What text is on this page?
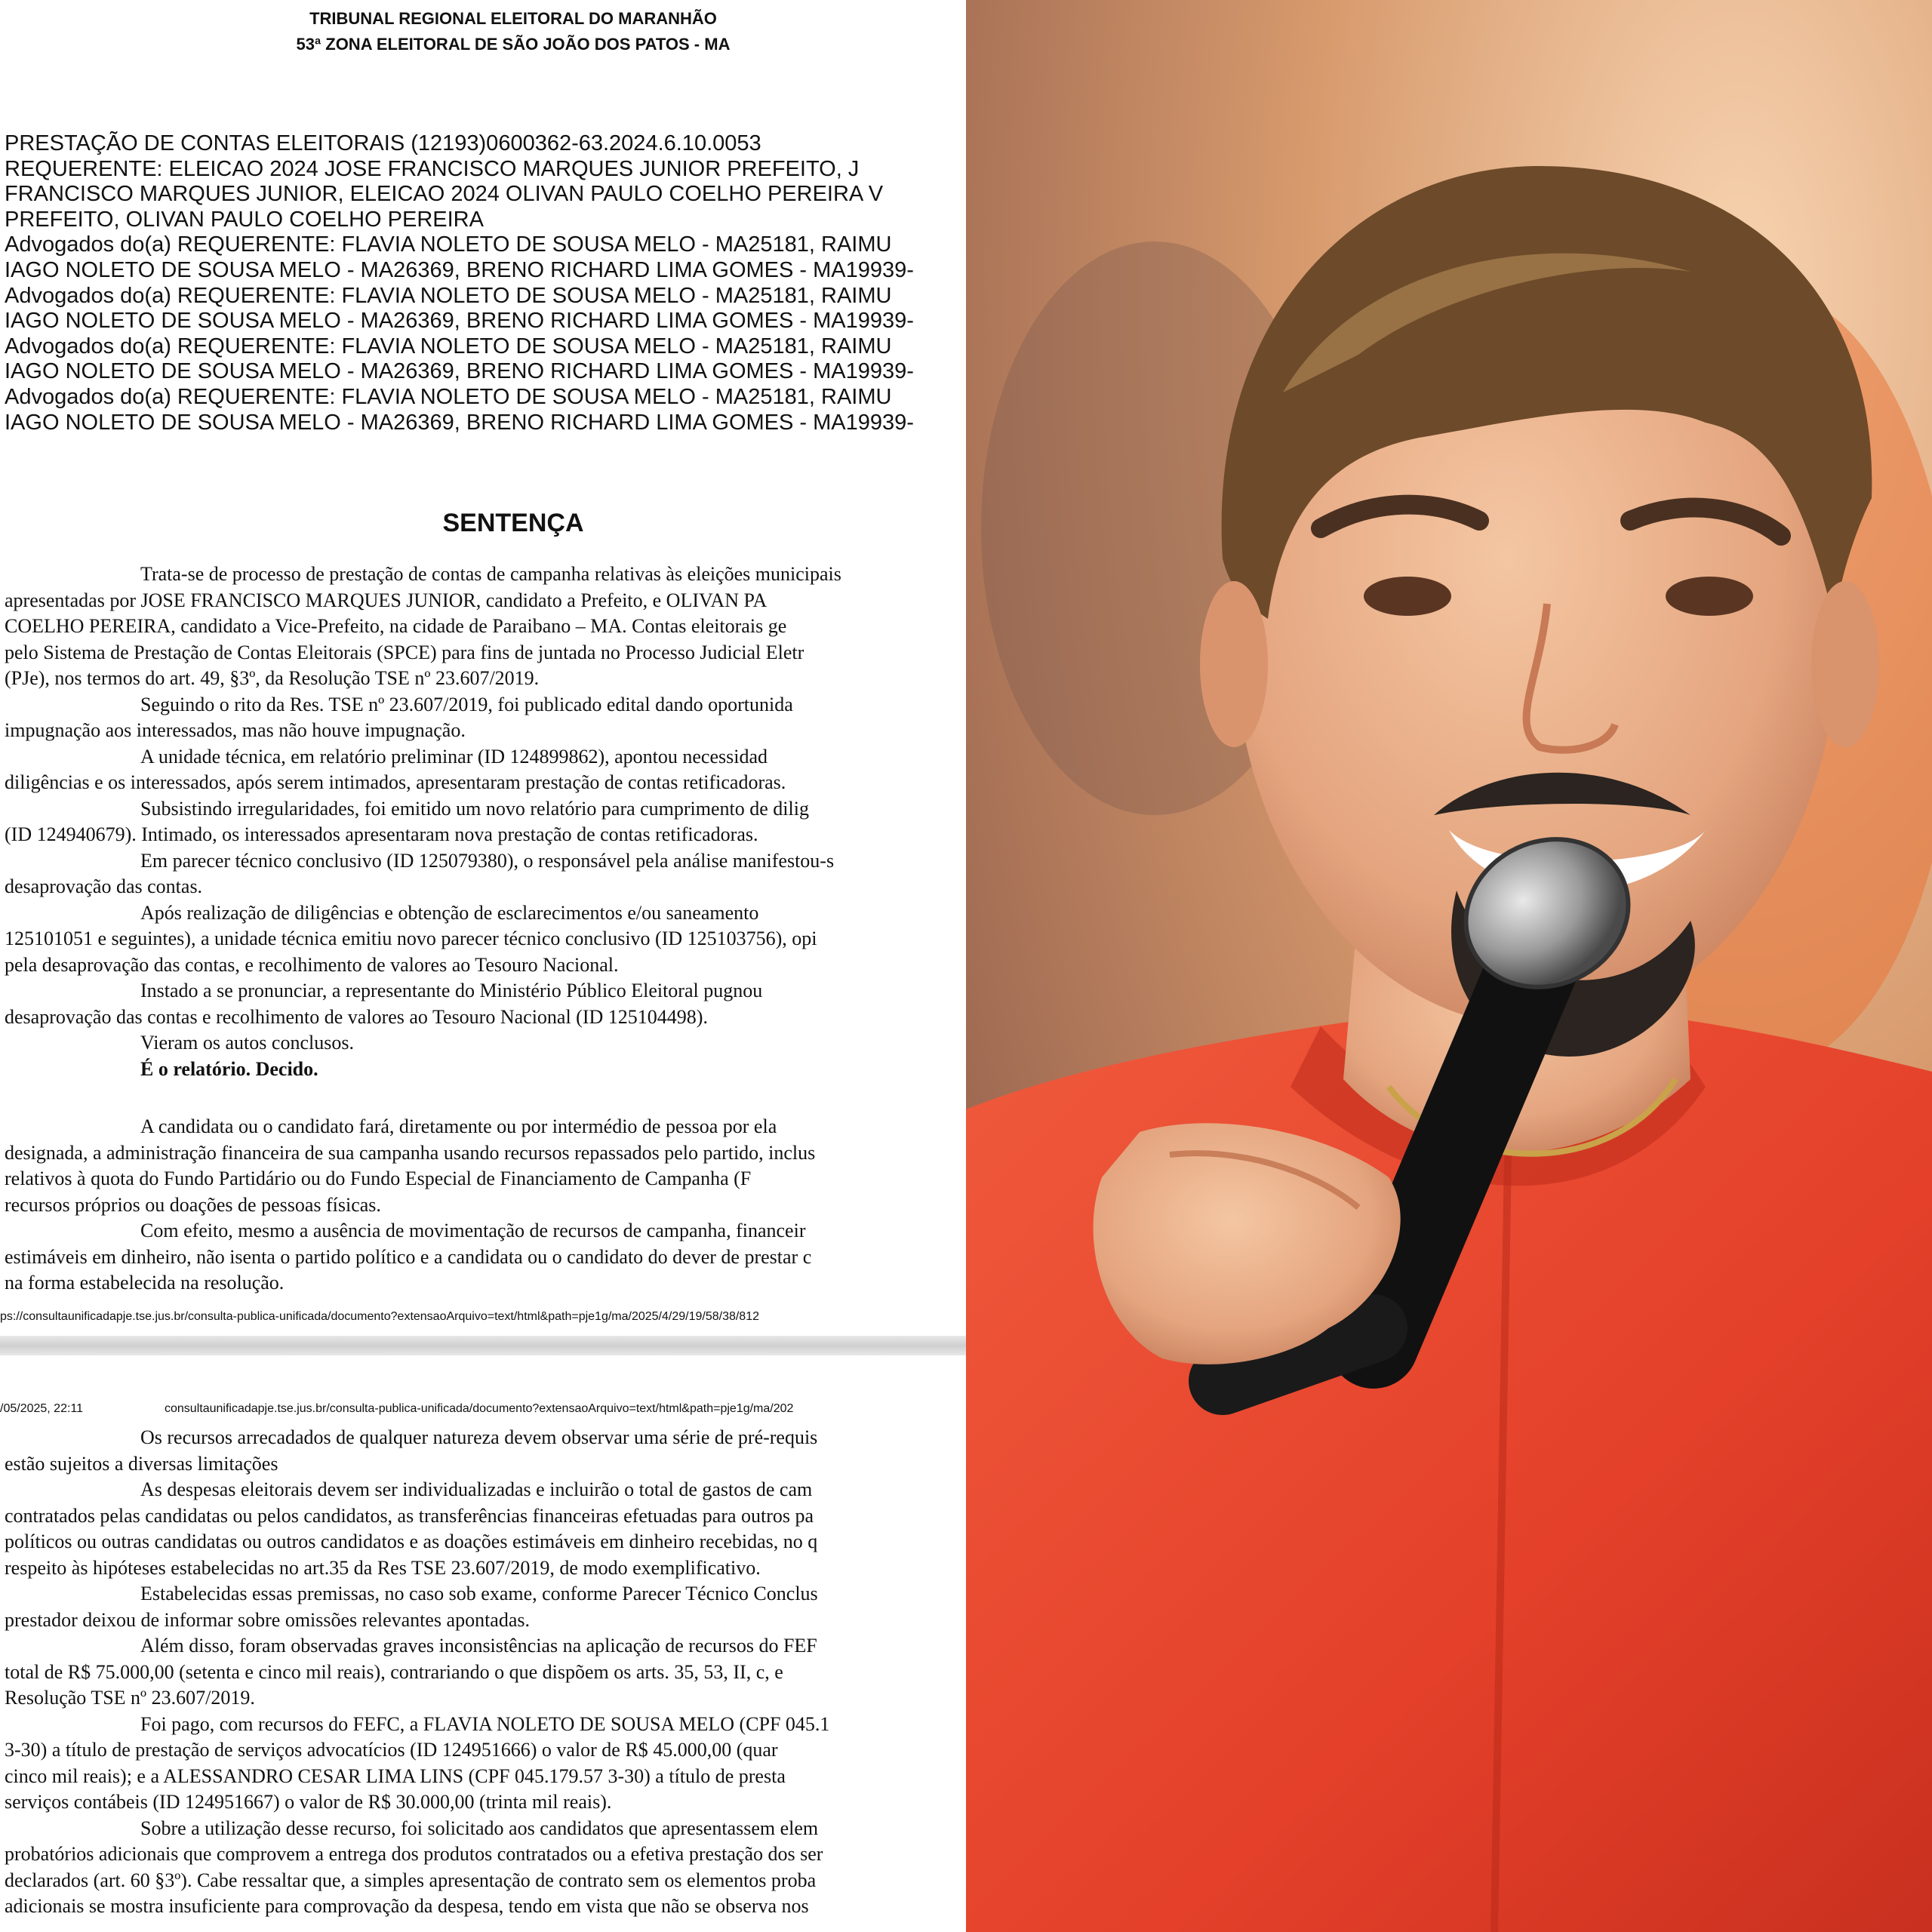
TRIBUNAL REGIONAL ELEITORAL DO MARANHÃO
53ª ZONA ELEITORAL DE SÃO JOÃO DOS PATOS - MA
PRESTAÇÃO DE CONTAS ELEITORAIS (12193)0600362-63.2024.6.10.0053
REQUERENTE: ELEICAO 2024 JOSE FRANCISCO MARQUES JUNIOR PREFEITO, J
FRANCISCO MARQUES JUNIOR, ELEICAO 2024 OLIVAN PAULO COELHO PEREIRA V
PREFEITO, OLIVAN PAULO COELHO PEREIRA
Advogados do(a) REQUERENTE: FLAVIA NOLETO DE SOUSA MELO - MA25181, RAIMU
IAGO NOLETO DE SOUSA MELO - MA26369, BRENO RICHARD LIMA GOMES - MA19939-
Advogados do(a) REQUERENTE: FLAVIA NOLETO DE SOUSA MELO - MA25181, RAIMU
IAGO NOLETO DE SOUSA MELO - MA26369, BRENO RICHARD LIMA GOMES - MA19939-
Advogados do(a) REQUERENTE: FLAVIA NOLETO DE SOUSA MELO - MA25181, RAIMU
IAGO NOLETO DE SOUSA MELO - MA26369, BRENO RICHARD LIMA GOMES - MA19939-
Advogados do(a) REQUERENTE: FLAVIA NOLETO DE SOUSA MELO - MA25181, RAIMU
IAGO NOLETO DE SOUSA MELO - MA26369, BRENO RICHARD LIMA GOMES - MA19939-
SENTENÇA

Trata-se de processo de prestação de contas de campanha relativas às eleições municipais

apresentadas por JOSE FRANCISCO MARQUES JUNIOR, candidato a Prefeito, e OLIVAN PA

COELHO PEREIRA, candidato a Vice-Prefeito, na cidade de Paraibano – MA. Contas eleitorais ge

pelo Sistema de Prestação de Contas Eleitorais (SPCE) para fins de juntada no Processo Judicial Eletr

(PJe), nos termos do art. 49, §3º, da Resolução TSE nº 23.607/2019.

Seguindo o rito da Res. TSE nº 23.607/2019, foi publicado edital dando oportunida

impugnação aos interessados, mas não houve impugnação.

A unidade técnica, em relatório preliminar (ID 124899862), apontou necessidad

diligências e os interessados, após serem intimados, apresentaram prestação de contas retificadoras.

Subsistindo irregularidades, foi emitido um novo relatório para cumprimento de dilig

(ID 124940679). Intimado, os interessados apresentaram nova prestação de contas retificadoras.

Em parecer técnico conclusivo (ID 125079380), o responsável pela análise manifestou-s

desaprovação das contas.

Após realização de diligências e obtenção de esclarecimentos e/ou saneamento

125101051 e seguintes), a unidade técnica emitiu novo parecer técnico conclusivo (ID 125103756), opi

pela desaprovação das contas, e recolhimento de valores ao Tesouro Nacional.

Instado a se pronunciar, a representante do Ministério Público Eleitoral pugnou

desaprovação das contas e recolhimento de valores ao Tesouro Nacional (ID 125104498).

Vieram os autos conclusos.

É o relatório. Decido.

A candidata ou o candidato fará, diretamente ou por intermédio de pessoa por ela

designada, a administração financeira de sua campanha usando recursos repassados pelo partido, inclus

relativos à quota do Fundo Partidário ou do Fundo Especial de Financiamento de Campanha (F

recursos próprios ou doações de pessoas físicas.

Com efeito, mesmo a ausência de movimentação de recursos de campanha, financeir

estimáveis em dinheiro, não isenta o partido político e a candidata ou o candidato do dever de prestar c

na forma estabelecida na resolução.

ps://consultaunificadapje.tse.jus.br/consulta-publica-unificada/documento?extensaoArquivo=text/html&path=pje1g/ma/2025/4/29/19/58/38/812
/05/2025, 22:11	consultaunificadapje.tse.jus.br/consulta-publica-unificada/documento?extensaoArquivo=text/html&path=pje1g/ma/202

Os recursos arrecadados de qualquer natureza devem observar uma série de pré-requis

estão sujeitos a diversas limitações

As despesas eleitorais devem ser individualizadas e incluirão o total de gastos de cam

contratados pelas candidatas ou pelos candidatos, as transferências financeiras efetuadas para outros pa

políticos ou outras candidatas ou outros candidatos e as doações estimáveis em dinheiro recebidas, no q

respeito às hipóteses estabelecidas no art.35 da Res TSE 23.607/2019, de modo exemplificativo.

Estabelecidas essas premissas, no caso sob exame, conforme Parecer Técnico Conclus

prestador deixou de informar sobre omissões relevantes apontadas.

Além disso, foram observadas graves inconsistências na aplicação de recursos do FEF

total de R$ 75.000,00 (setenta e cinco mil reais), contrariando o que dispõem os arts. 35, 53, II, c, e

Resolução TSE nº 23.607/2019.

Foi pago, com recursos do FEFC, a FLAVIA NOLETO DE SOUSA MELO (CPF 045.1

3-30) a título de prestação de serviços advocatícios (ID 124951666) o valor de R$ 45.000,00 (quar

cinco mil reais); e a ALESSANDRO CESAR LIMA LINS (CPF 045.179.57 3-30) a título de presta

serviços contábeis (ID 124951667) o valor de R$ 30.000,00 (trinta mil reais).

Sobre a utilização desse recurso, foi solicitado aos candidatos que apresentassem elem

probatórios adicionais que comprovem a entrega dos produtos contratados ou a efetiva prestação dos ser

declarados (art. 60 §3º). Cabe ressaltar que, a simples apresentação de contrato sem os elementos proba

adicionais se mostra insuficiente para comprovação da despesa, tendo em vista que não se observa nos
